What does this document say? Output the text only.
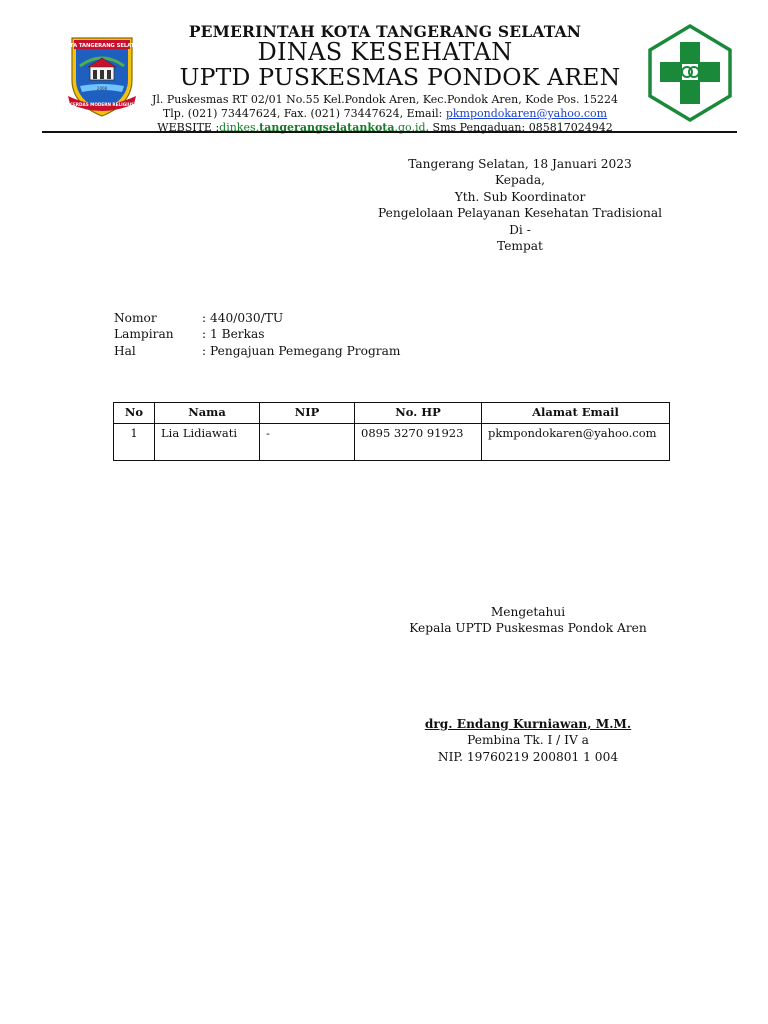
KOTA TANGERANG SELATAN
2008
CERDAS MODERN RELIGIUS
PEMERINTAH KOTA TANGERANG SELATAN
DINAS KESEHATAN
UPTD PUSKESMAS PONDOK AREN
Jl. Puskesmas RT 02/01 No.55 Kel.Pondok Aren, Kec.Pondok Aren, Kode Pos. 15224
Tlp. (021) 73447624, Fax. (021) 73447624, Email: pkmpondokaren@yahoo.com
WEBSITE :dinkes.tangerangselatankota.go.id, Sms Pengaduan: 085817024942
Tangerang Selatan, 18 Januari 2023
Kepada,
Yth. Sub Koordinator
Pengelolaan Pelayanan Kesehatan Tradisional
Di -
Tempat
Nomor	: 440/030/TU
Lampiran	: 1 Berkas
Hal	: Pengajuan Pemegang Program
No	Nama	NIP	No. HP	Alamat Email
1	Lia Lidiawati	-	0895 3270 91923	pkmpondokaren@yahoo.com
Mengetahui
Kepala UPTD Puskesmas Pondok Aren
drg. Endang Kurniawan, M.M.
Pembina Tk. I / IV a
NIP. 19760219 200801 1 004
